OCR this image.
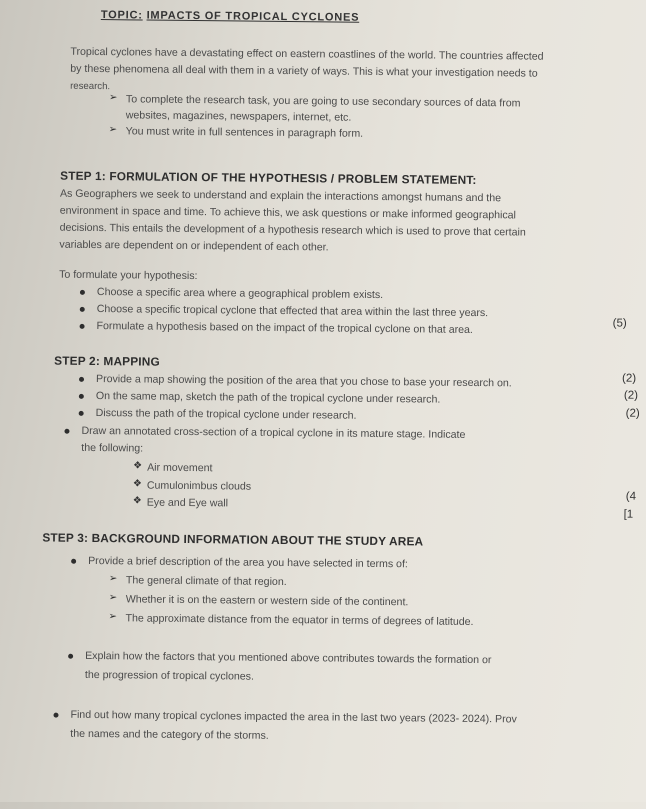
TOPIC: IMPACTS OF TROPICAL CYCLONES
Tropical cyclones have a devastating effect on eastern coastlines of the world. The countries affected
by these phenomena all deal with them in a variety of ways. This is what your investigation needs to
research.
➢ To complete the research task, you are going to use secondary sources of data from
websites, magazines, newspapers, internet, etc.
➢ You must write in full sentences in paragraph form.
STEP 1: FORMULATION OF THE HYPOTHESIS / PROBLEM STATEMENT:
As Geographers we seek to understand and explain the interactions amongst humans and the
environment in space and time. To achieve this, we ask questions or make informed geographical
decisions. This entails the development of a hypothesis research which is used to prove that certain
variables are dependent on or independent of each other.
To formulate your hypothesis:
Choose a specific area where a geographical problem exists.
Choose a specific tropical cyclone that effected that area within the last three years.
Formulate a hypothesis based on the impact of the tropical cyclone on that area.	(5)
STEP 2: MAPPING
Provide a map showing the position of the area that you chose to base your research on.	(2)
On the same map, sketch the path of the tropical cyclone under research.	(2)
Discuss the path of the tropical cyclone under research.	(2)
Draw an annotated cross-section of a tropical cyclone in its mature stage. Indicate
the following:
❖ Air movement
❖ Cumulonimbus clouds
❖ Eye and Eye wall	(4
[1
STEP 3: BACKGROUND INFORMATION ABOUT THE STUDY AREA
Provide a brief description of the area you have selected in terms of:
➢ The general climate of that region.
➢ Whether it is on the eastern or western side of the continent.
➢ The approximate distance from the equator in terms of degrees of latitude.
Explain how the factors that you mentioned above contributes towards the formation or
the progression of tropical cyclones.
Find out how many tropical cyclones impacted the area in the last two years (2023- 2024). Prov
the names and the category of the storms.
